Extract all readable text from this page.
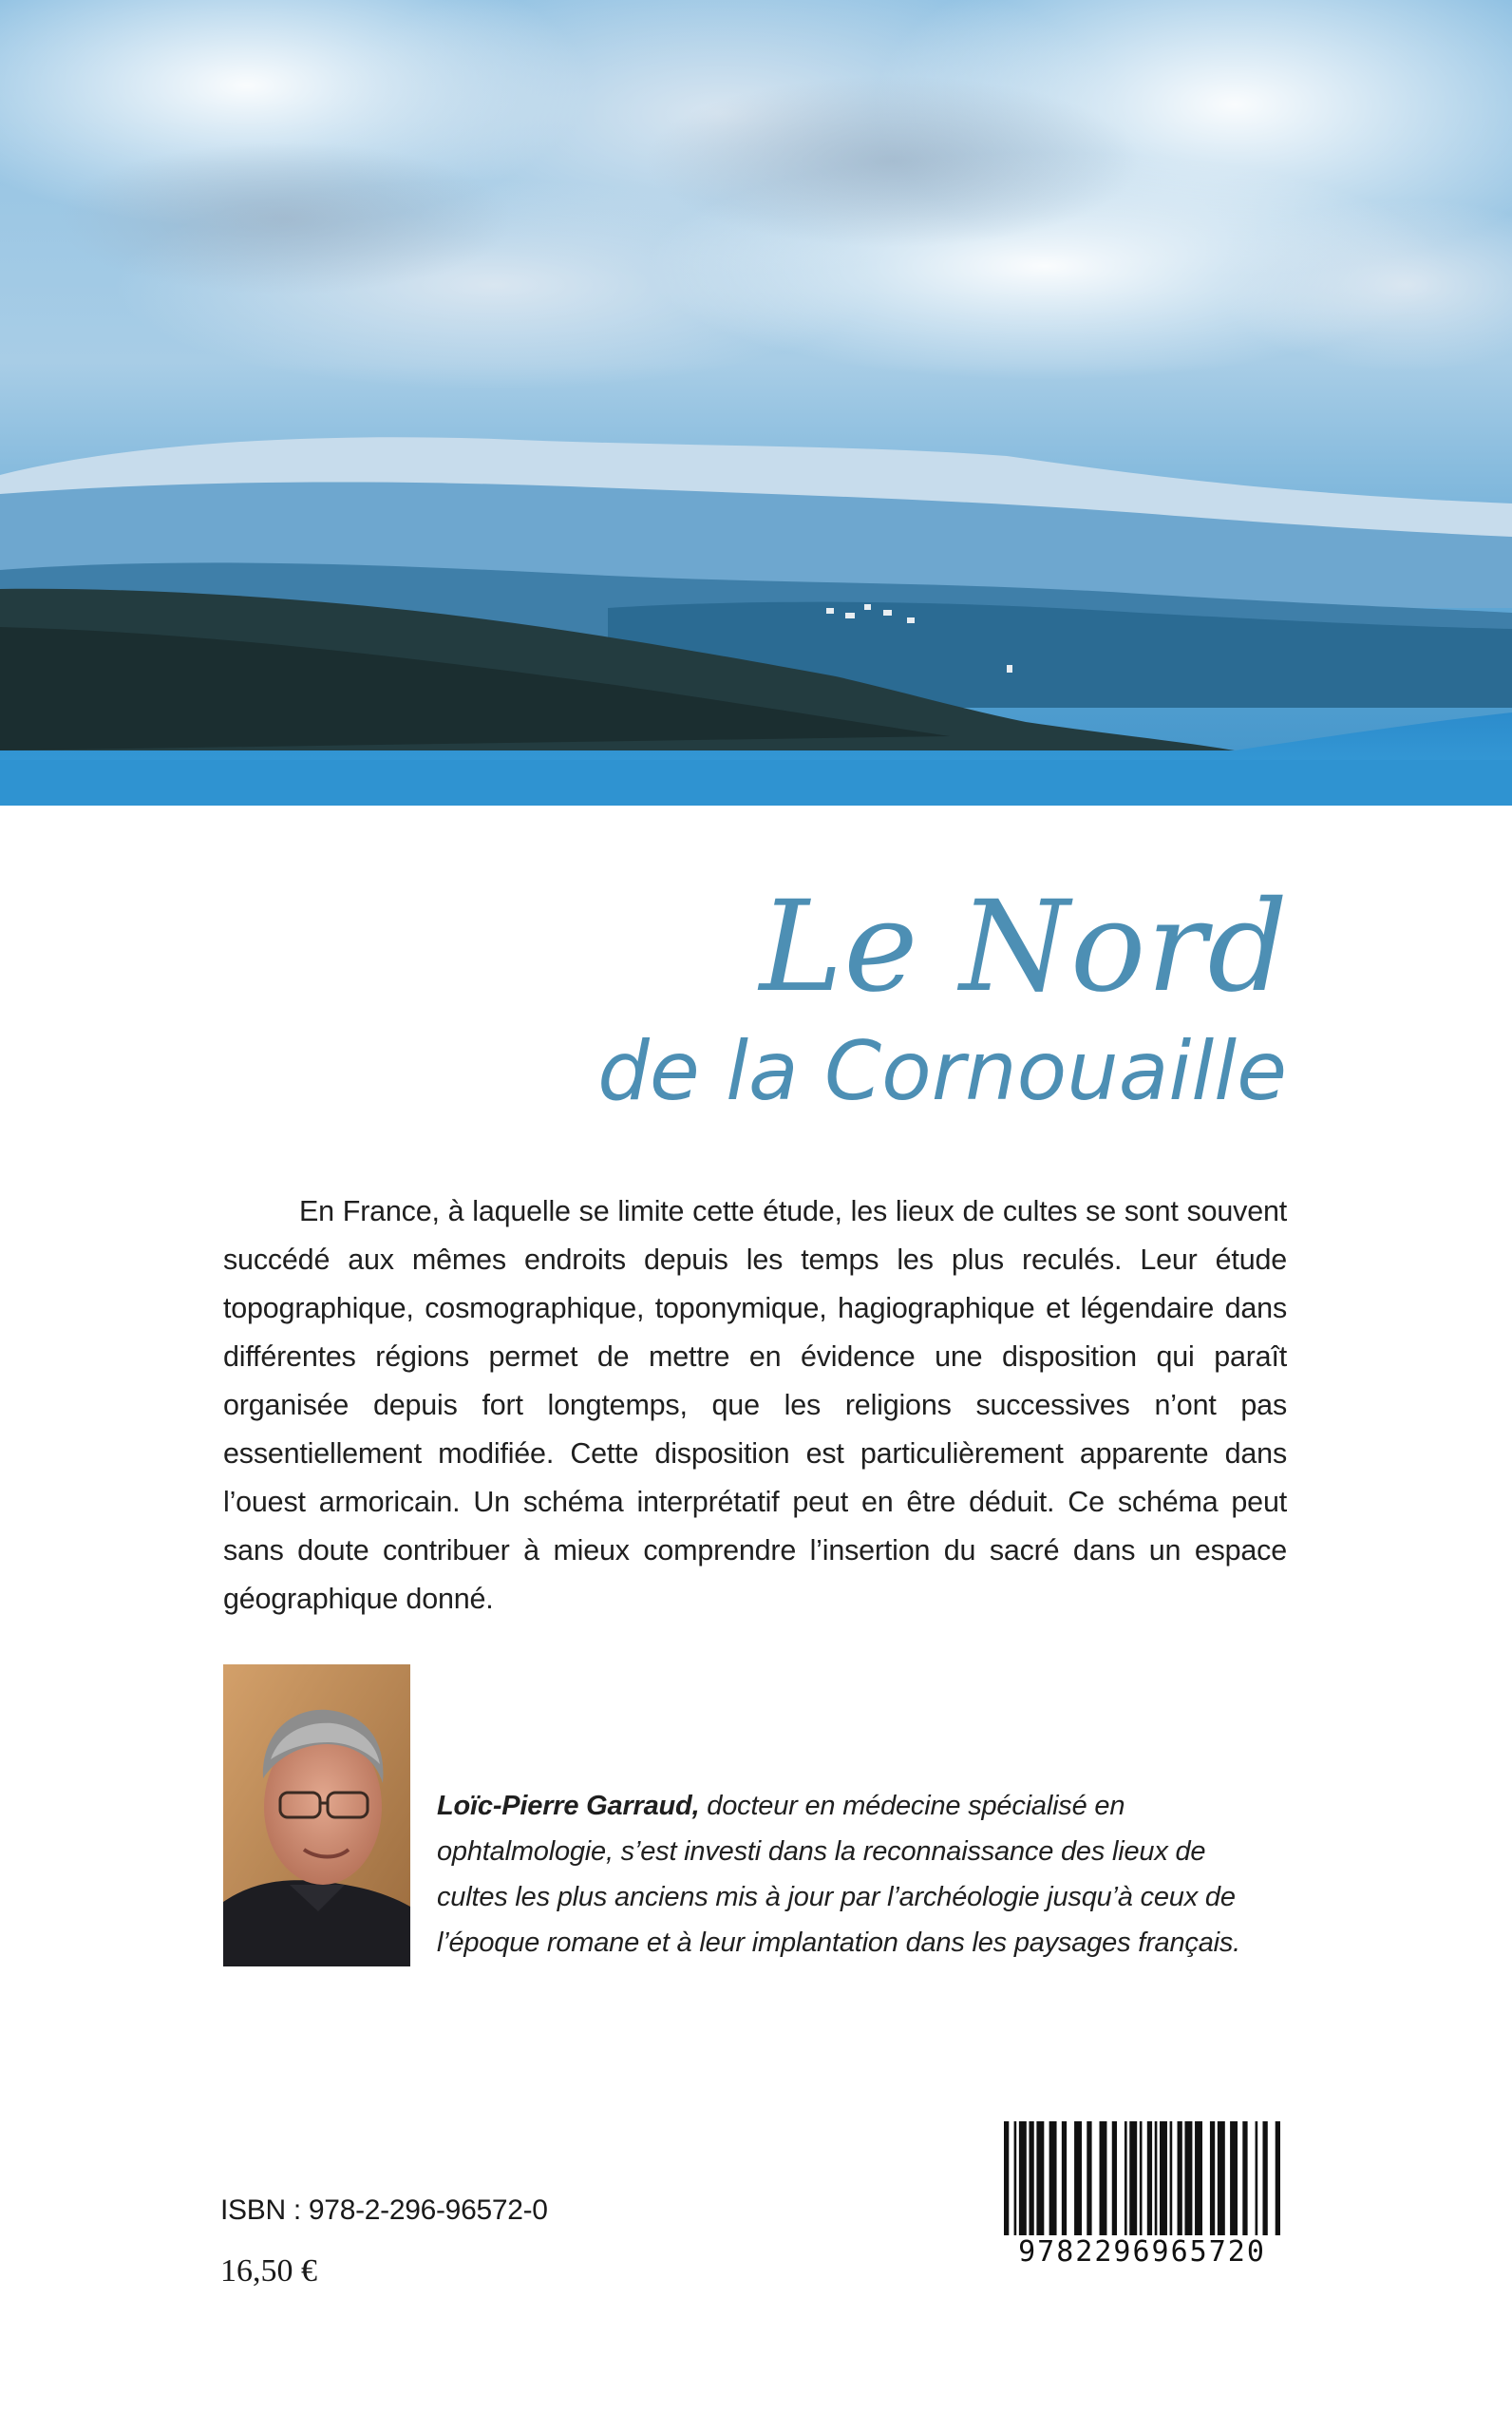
Le Nord
de la Cornouaille

En France, à laquelle se limite cette étude, les lieux de cultes se sont souvent succédé aux mêmes endroits depuis les temps les plus reculés. Leur étude topographique, cosmographique, toponymique, hagiographique et légendaire dans différentes régions permet de mettre en évidence une disposition qui paraît organisée depuis fort longtemps, que les religions successives n’ont pas essentiellement modifiée. Cette disposition est particulièrement apparente dans l’ouest armoricain. Un schéma interprétatif peut en être déduit. Ce schéma peut sans doute contribuer à mieux comprendre l’insertion du sacré dans un espace géographique donné.

Loïc-Pierre Garraud, docteur en médecine spécialisé en ophtalmologie, s’est investi dans la reconnaissance des lieux de cultes les plus anciens mis à jour par l’archéologie jusqu’à ceux de l’époque romane et à leur implantation dans les paysages français.

ISBN : 978-2-296-96572-0
16,50 €
9782296965720
